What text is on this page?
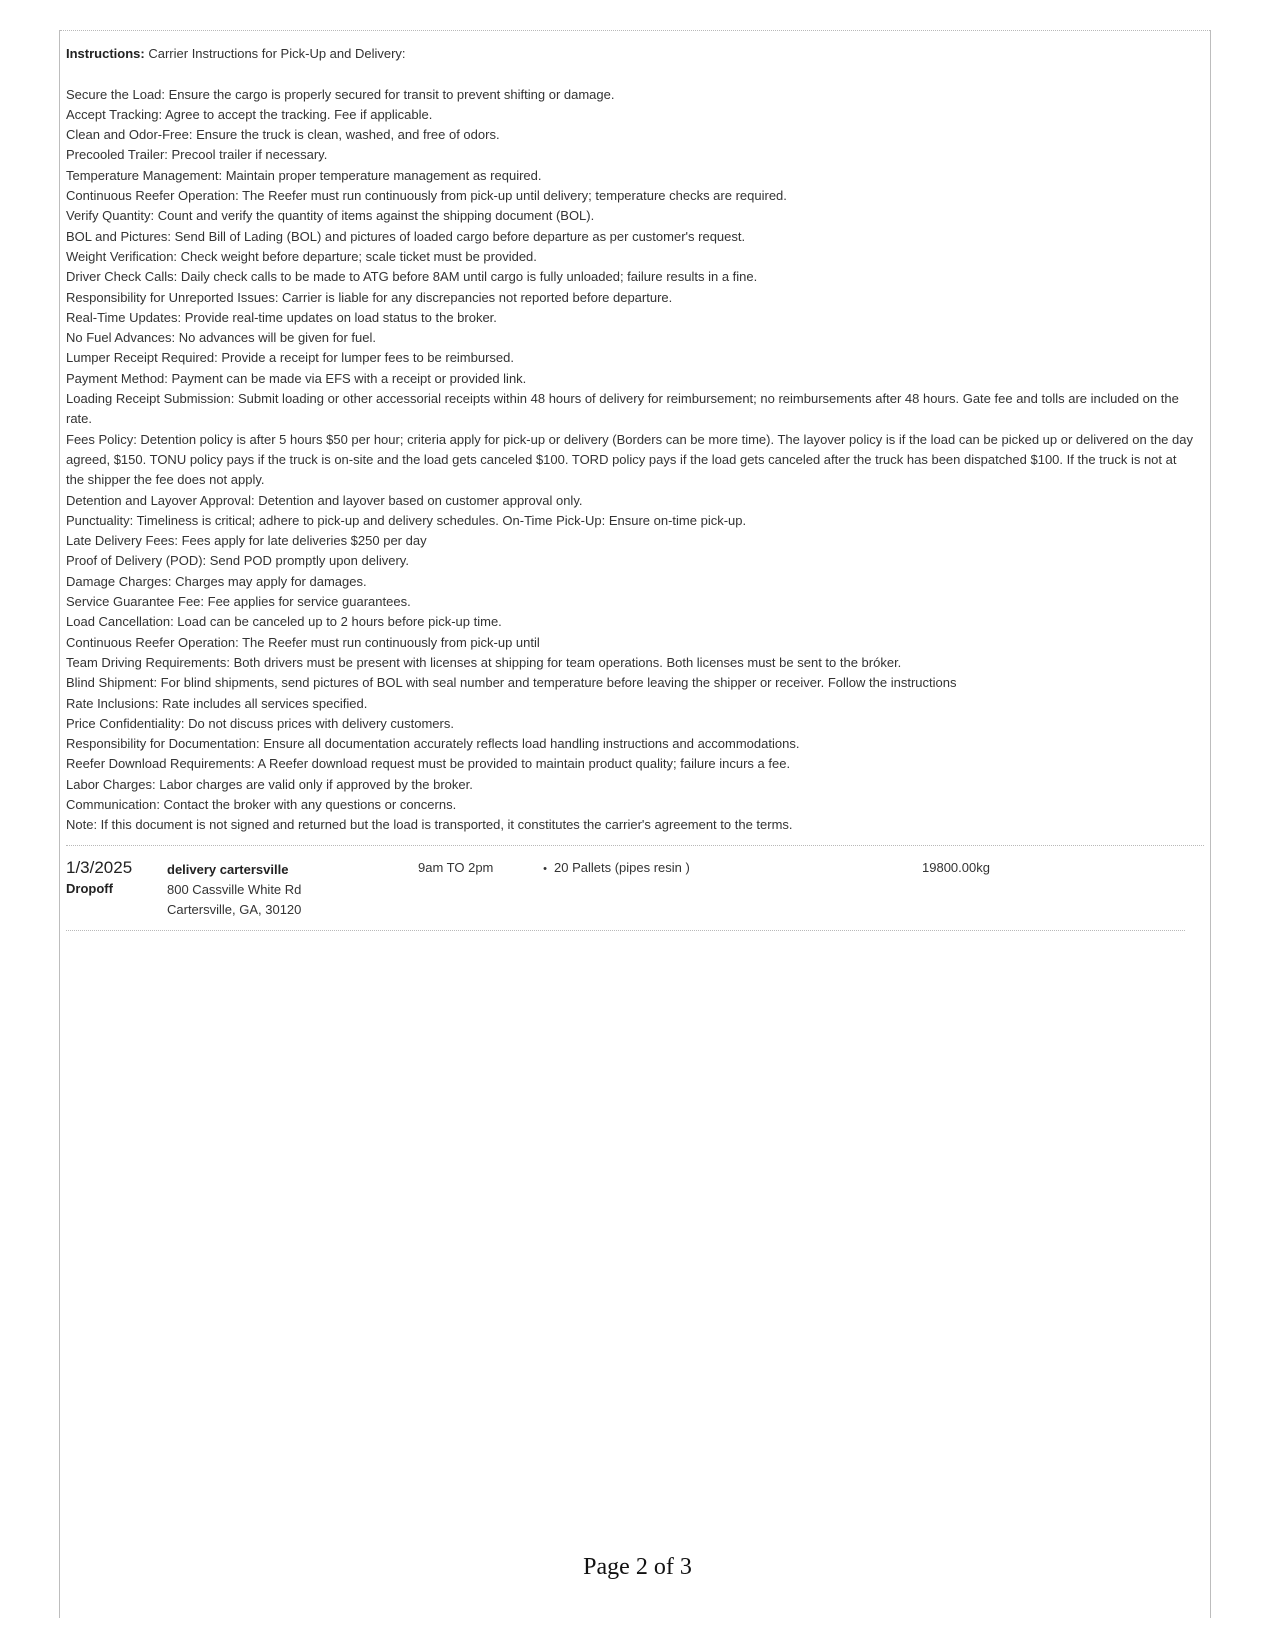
Instructions: Carrier Instructions for Pick-Up and Delivery:
Secure the Load: Ensure the cargo is properly secured for transit to prevent shifting or damage.
Accept Tracking: Agree to accept the tracking. Fee if applicable.
Clean and Odor-Free: Ensure the truck is clean, washed, and free of odors.
Precooled Trailer: Precool trailer if necessary.
Temperature Management: Maintain proper temperature management as required.
Continuous Reefer Operation: The Reefer must run continuously from pick-up until delivery; temperature checks are required.
Verify Quantity: Count and verify the quantity of items against the shipping document (BOL).
BOL and Pictures: Send Bill of Lading (BOL) and pictures of loaded cargo before departure as per customer's request.
Weight Verification: Check weight before departure; scale ticket must be provided.
Driver Check Calls: Daily check calls to be made to ATG before 8AM until cargo is fully unloaded; failure results in a fine.
Responsibility for Unreported Issues: Carrier is liable for any discrepancies not reported before departure.
Real-Time Updates: Provide real-time updates on load status to the broker.
No Fuel Advances: No advances will be given for fuel.
Lumper Receipt Required: Provide a receipt for lumper fees to be reimbursed.
Payment Method: Payment can be made via EFS with a receipt or provided link.
Loading Receipt Submission: Submit loading or other accessorial receipts within 48 hours of delivery for reimbursement; no reimbursements after 48 hours. Gate fee and tolls are included on the rate.
Fees Policy: Detention policy is after 5 hours $50 per hour; criteria apply for pick-up or delivery (Borders can be more time). The layover policy is if the load can be picked up or delivered on the day agreed, $150. TONU policy pays if the truck is on-site and the load gets canceled $100. TORD policy pays if the load gets canceled after the truck has been dispatched $100. If the truck is not at the shipper the fee does not apply.
Detention and Layover Approval: Detention and layover based on customer approval only.
Punctuality: Timeliness is critical; adhere to pick-up and delivery schedules. On-Time Pick-Up: Ensure on-time pick-up.
Late Delivery Fees: Fees apply for late deliveries $250 per day
Proof of Delivery (POD): Send POD promptly upon delivery.
Damage Charges: Charges may apply for damages.
Service Guarantee Fee: Fee applies for service guarantees.
Load Cancellation: Load can be canceled up to 2 hours before pick-up time.
Continuous Reefer Operation: The Reefer must run continuously from pick-up until
Team Driving Requirements: Both drivers must be present with licenses at shipping for team operations. Both licenses must be sent to the bróker.
Blind Shipment: For blind shipments, send pictures of BOL with seal number and temperature before leaving the shipper or receiver. Follow the instructions
Rate Inclusions: Rate includes all services specified.
Price Confidentiality: Do not discuss prices with delivery customers.
Responsibility for Documentation: Ensure all documentation accurately reflects load handling instructions and accommodations.
Reefer Download Requirements: A Reefer download request must be provided to maintain product quality; failure incurs a fee.
Labor Charges: Labor charges are valid only if approved by the broker.
Communication: Contact the broker with any questions or concerns.
Note: If this document is not signed and returned but the load is transported, it constitutes the carrier's agreement to the terms.
1/3/2025
Dropoff
delivery cartersville
800 Cassville White Rd
Cartersville, GA, 30120
9am TO 2pm
•	20 Pallets (pipes resin )	19800.00kg
Page 2 of 3
